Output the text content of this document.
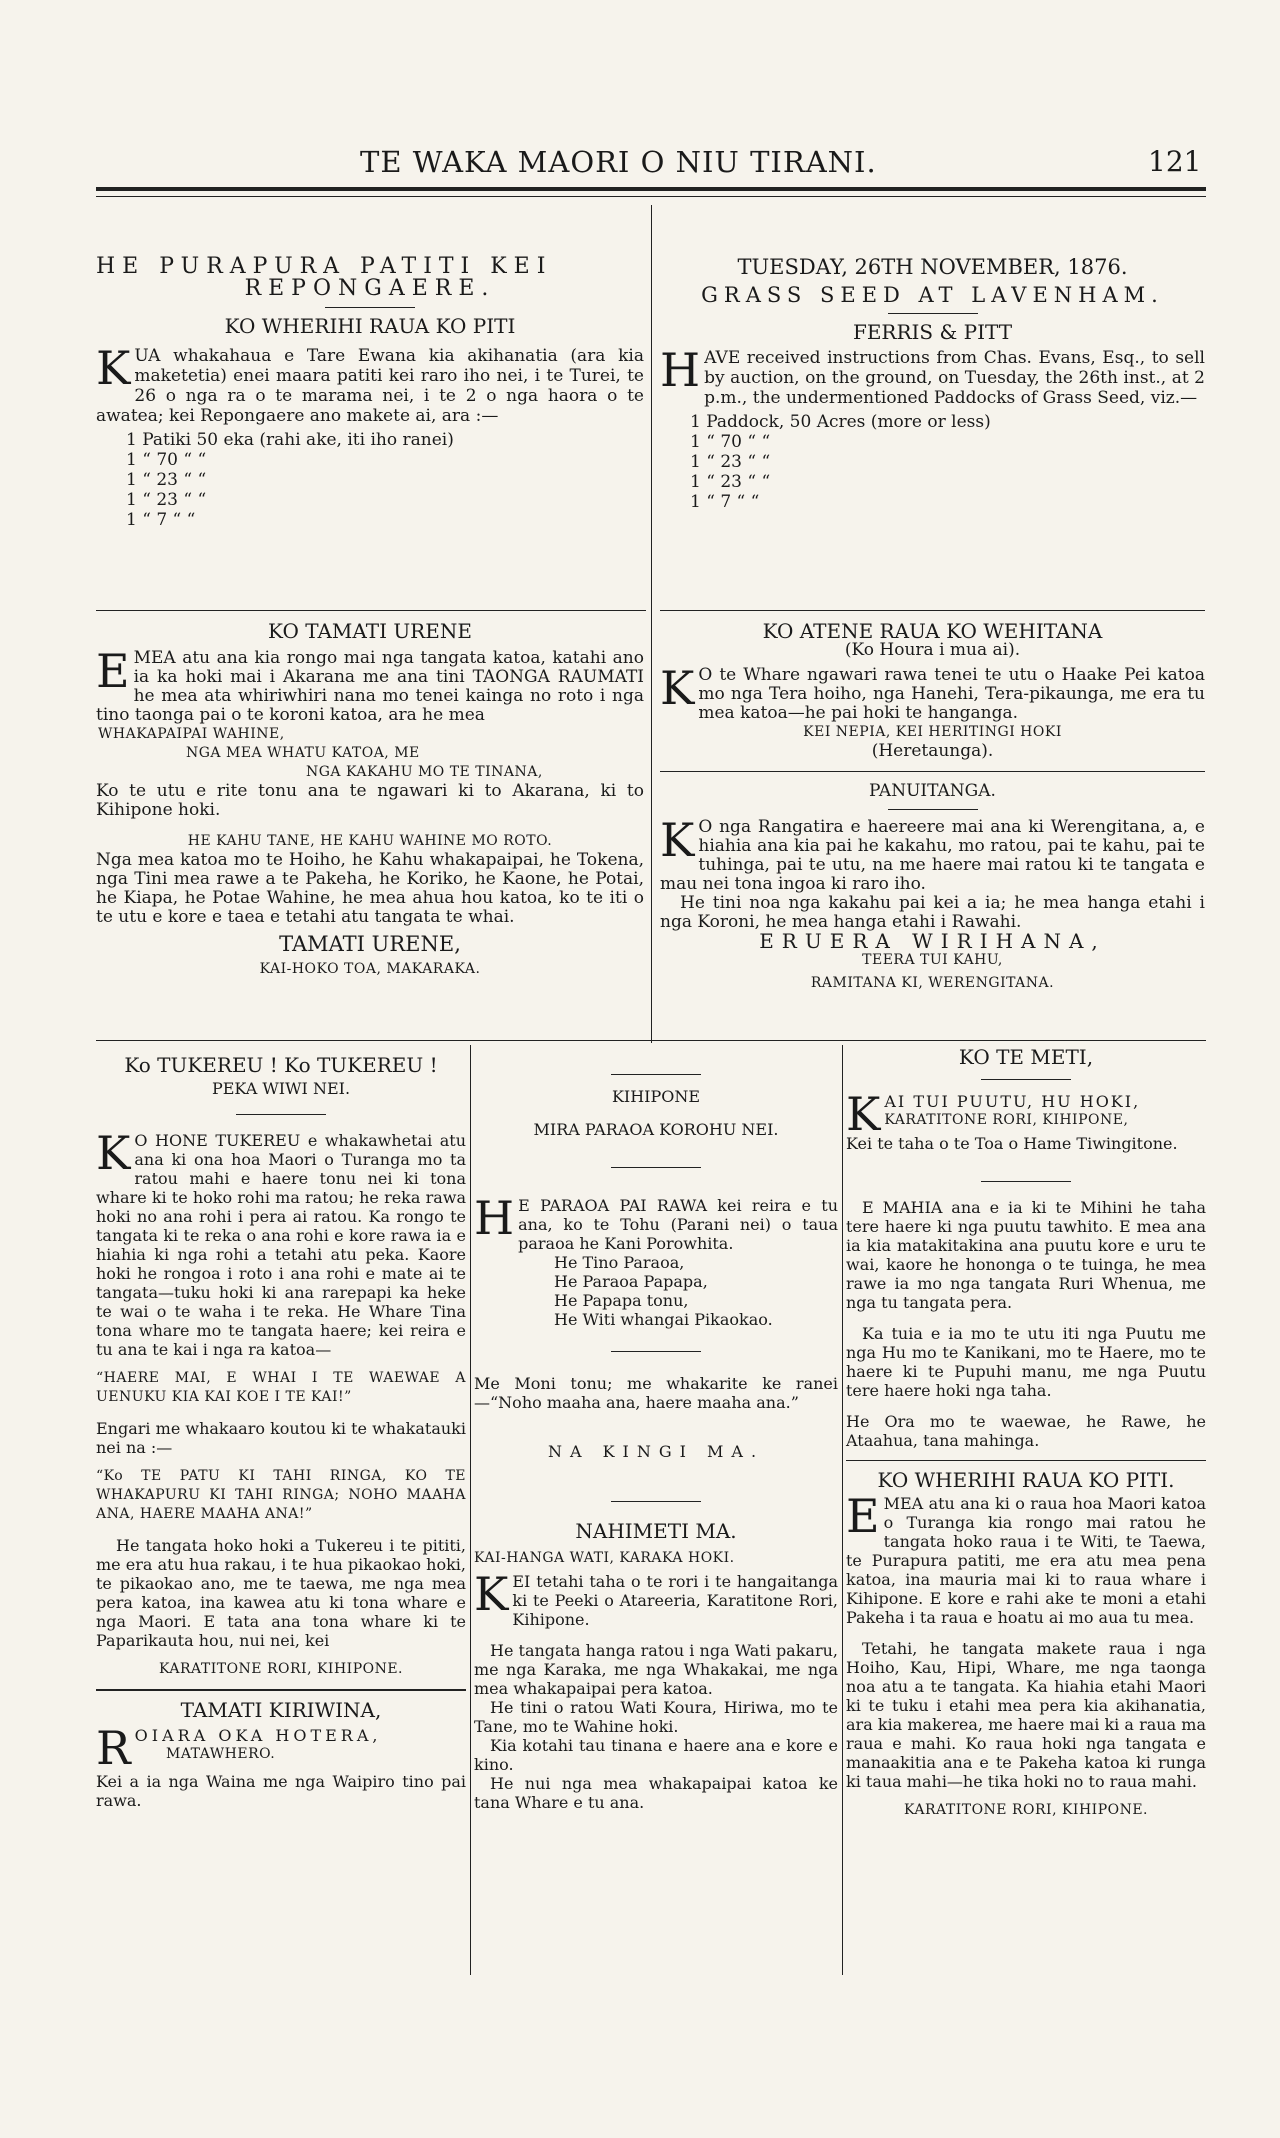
TE WAKA MAORI O NIU TIRANI.	121
HE PURAPURA PATITI KEI
REPONGAERE.
KO WHERIHI RAUA KO PITI

KUA whakahaua e Tare Ewana kia akihanatia (ara kia maketetia) enei maara patiti kei raro iho nei, i te Turei, te 26 o nga ra o te marama nei, i te 2 o nga haora o te awatea; kei Repongaere ano makete ai, ara :—

1 Patiki 50 eka (rahi ake, iti iho ranei)
1 “ 70 “ “
1 “ 23 “ “
1 “ 23 “ “
1 “ 7 “ “
TUESDAY, 26TH NOVEMBER, 1876.
GRASS SEED AT LAVENHAM.
FERRIS & PITT

HAVE received instructions from Chas. Evans, Esq., to sell by auction, on the ground, on Tuesday, the 26th inst., at 2 p.m., the undermentioned Paddocks of Grass Seed, viz.—

1 Paddock, 50 Acres (more or less)
1 “ 70 “ “
1 “ 23 “ “
1 “ 23 “ “
1 “ 7 “ “
KO TAMATI URENE

EMEA atu ana kia rongo mai nga tangata katoa, katahi ano ia ka hoki mai i Akarana me ana tini TAONGA RAUMATI he mea ata whiriwhiri nana mo tenei kainga no roto i nga tino taonga pai o te koroni katoa, ara he mea

WHAKAPAIPAI WAHINE,
NGA MEA WHATU KATOA, ME
NGA KAKAHU MO TE TINANA,

Ko te utu e rite tonu ana te ngawari ki to Akarana, ki to Kihipone hoki.

HE KAHU TANE, HE KAHU WAHINE MO ROTO.

Nga mea katoa mo te Hoiho, he Kahu whakapaipai, he Tokena, nga Tini mea rawe a te Pakeha, he Koriko, he Kaone, he Potai, he Kiapa, he Potae Wahine, he mea ahua hou katoa, ko te iti o te utu e kore e taea e tetahi atu tangata te whai.

TAMATI URENE,
KAI-HOKO TOA, MAKARAKA.
KO ATENE RAUA KO WEHITANA
(Ko Houra i mua ai).

K O te Whare ngawari rawa tenei te utu o Haake Pei katoa mo nga Tera hoiho, nga Hanehi, Tera-pikaunga, me era tu mea katoa—he pai hoki te hanganga.

KEI NEPIA, KEI HERITINGI HOKI
(Heretaunga).
PANUITANGA.

K O nga Rangatira e haereere mai ana ki Werengitana, a, e hiahia ana kia pai he kakahu, mo ratou, pai te kahu, pai te tuhinga, pai te utu, na me haere mai ratou ki te tangata e mau nei tona ingoa ki raro iho.

He tini noa nga kakahu pai kei a ia; he mea hanga etahi i nga Koroni, he mea hanga etahi i Rawahi.

ERUERA WIRIHANA,
TEERA TUI KAHU,
RAMITANA KI, WERENGITANA.
Ko TUKEREU ! Ko TUKEREU !
PEKA WIWI NEI.

K O HONE TUKEREU e whakawhetai atu ana ki ona hoa Maori o Turanga mo ta ratou mahi e haere tonu nei ki tona whare ki te hoko rohi ma ratou; he reka rawa hoki no ana rohi i pera ai ratou. Ka rongo te tangata ki te reka o ana rohi e kore rawa ia e hiahia ki nga rohi a tetahi atu peka. Kaore hoki he rongoa i roto i ana rohi e mate ai te tangata—tuku hoki ki ana rarepapi ka heke te wai o te waha i te reka. He Whare Tina tona whare mo te tangata haere; kei reira e tu ana te kai i nga ra katoa—

“HAERE MAI, E WHAI I TE WAEWAE A UENUKU KIA KAI KOE I TE KAI!”

Engari me whakaaro koutou ki te whakatauki nei na :—

“Ko TE PATU KI TAHI RINGA, KO TE WHAKAPURU KI TAHI RINGA; NOHO MAAHA ANA, HAERE MAAHA ANA!”

He tangata hoko hoki a Tukereu i te pititi, me era atu hua rakau, i te hua pikaokao hoki, te pikaokao ano, me te taewa, me nga mea pera katoa, ina kawea atu ki tona whare e nga Maori. E tata ana tona whare ki te Paparikauta hou, nui nei, kei

KARATITONE RORI, KIHIPONE.
TAMATI KIRIWINA,
ROIARA OKA HOTERA,
MATAWHERO.

Kei a ia nga Waina me nga Waipiro tino pai rawa.

KIHIPONE
MIRA PARAOA KOROHU NEI.

H E PARAOA PAI RAWA kei reira e tu ana, ko te Tohu (Parani nei) o taua paraoa he Kani Porowhita.

He Tino Paraoa,
He Paraoa Papapa,
He Papapa tonu,
He Witi whangai Pikaokao.

Me Moni tonu; me whakarite ke ranei—“Noho maaha ana, haere maaha ana.”

NA KINGI MA.
NAHIMETI MA.
KAI-HANGA WATI, KARAKA HOKI.

KEI tetahi taha o te rori i te hangaitanga ki te Peeki o Atareeria, Karatitone Rori, Kihipone.

He tangata hanga ratou i nga Wati pakaru, me nga Karaka, me nga Whakakai, me nga mea whakapaipai pera katoa.

He tini o ratou Wati Koura, Hiriwa, mo te Tane, mo te Wahine hoki.

Kia kotahi tau tinana e haere ana e kore e kino.

He nui nga mea whakapaipai katoa ke tana Whare e tu ana.

KO TE METI,
KAI TUI PUUTU, HU HOKI,
KARATITONE RORI, KIHIPONE,
Kei te taha o te Toa o Hame Tiwingitone.

E MAHIA ana e ia ki te Mihini he taha tere haere ki nga puutu tawhito. E mea ana ia kia matakitakina ana puutu kore e uru te wai, kaore he hononga o te tuinga, he mea rawe ia mo nga tangata Ruri Whenua, me nga tu tangata pera.

Ka tuia e ia mo te utu iti nga Puutu me nga Hu mo te Kanikani, mo te Haere, mo te haere ki te Pupuhi manu, me nga Puutu tere haere hoki nga taha.

He Ora mo te waewae, he Rawe, he Ataahua, tana mahinga.

KO WHERIHI RAUA KO PITI.

EMEA atu ana ki o raua hoa Maori katoa o Turanga kia rongo mai ratou he tangata hoko raua i te Witi, te Taewa, te Purapura patiti, me era atu mea pena katoa, ina mauria mai ki to raua whare i Kihipone. E kore e rahi ake te moni a etahi Pakeha i ta raua e hoatu ai mo aua tu mea.

Tetahi, he tangata makete raua i nga Hoiho, Kau, Hipi, Whare, me nga taonga noa atu a te tangata. Ka hiahia etahi Maori ki te tuku i etahi mea pera kia akihanatia, ara kia makerea, me haere mai ki a raua ma raua e mahi. Ko raua hoki nga tangata e manaakitia ana e te Pakeha katoa ki runga ki taua mahi—he tika hoki no to raua mahi.

KARATITONE RORI, KIHIPONE.
